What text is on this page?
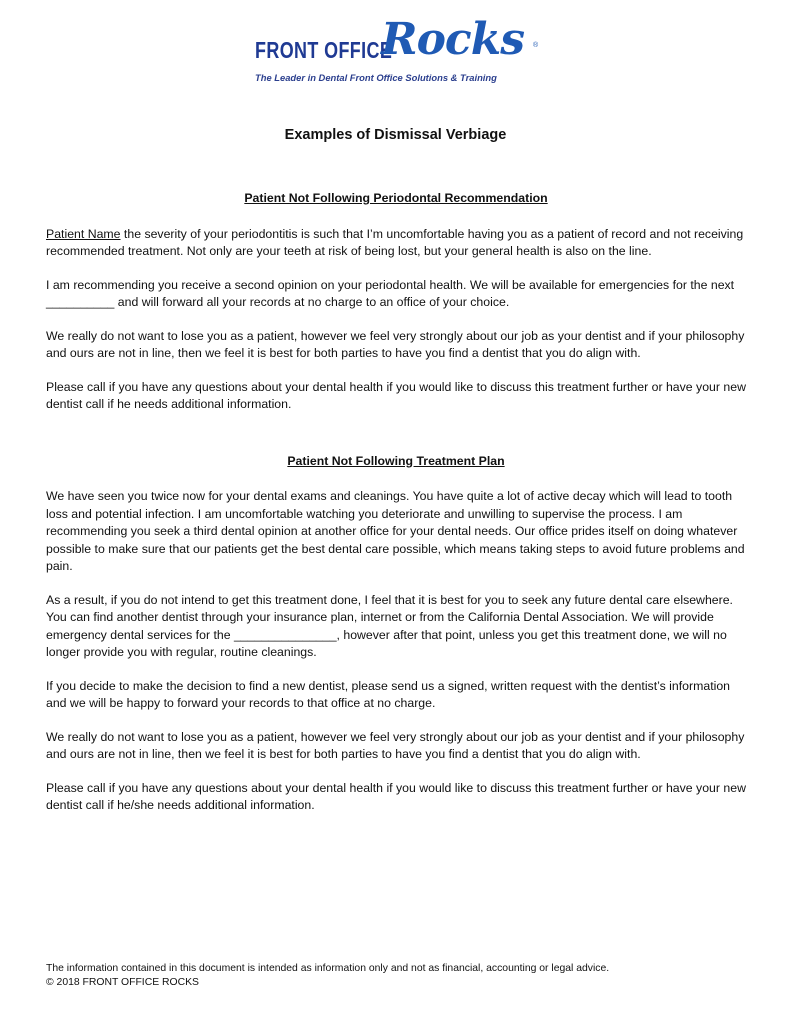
FRONT OFFICE
Rocks ®
The Leader in Dental Front Office Solutions & Training
Examples of Dismissal Verbiage
Patient Not Following Periodontal Recommendation

Patient Name the severity of your periodontitis is such that I’m uncomfortable having you as a patient of record and not receiving recommended treatment. Not only are your teeth at risk of being lost, but your general health is also on the line.

I am recommending you receive a second opinion on your periodontal health. We will be available for emergencies for the next __________ and will forward all your records at no charge to an office of your choice.

We really do not want to lose you as a patient, however we feel very strongly about our job as your dentist and if your philosophy and ours are not in line, then we feel it is best for both parties to have you find a dentist that you do align with.

Please call if you have any questions about your dental health if you would like to discuss this treatment further or have your new dentist call if he needs additional information.

Patient Not Following Treatment Plan

We have seen you twice now for your dental exams and cleanings. You have quite a lot of active decay which will lead to tooth loss and potential infection. I am uncomfortable watching you deteriorate and unwilling to supervise the process. I am recommending you seek a third dental opinion at another office for your dental needs. Our office prides itself on doing whatever possible to make sure that our patients get the best dental care possible, which means taking steps to avoid future problems and pain.

As a result, if you do not intend to get this treatment done, I feel that it is best for you to seek any future dental care elsewhere. You can find another dentist through your insurance plan, internet or from the California Dental Association. We will provide emergency dental services for the _______________, however after that point, unless you get this treatment done, we will no longer provide you with regular, routine cleanings.

If you decide to make the decision to find a new dentist, please send us a signed, written request with the dentist’s information and we will be happy to forward your records to that office at no charge.

We really do not want to lose you as a patient, however we feel very strongly about our job as your dentist and if your philosophy and ours are not in line, then we feel it is best for both parties to have you find a dentist that you do align with.

Please call if you have any questions about your dental health if you would like to discuss this treatment further or have your new dentist call if he/she needs additional information.

The information contained in this document is intended as information only and not as financial, accounting or legal advice.
© 2018 FRONT OFFICE ROCKS
